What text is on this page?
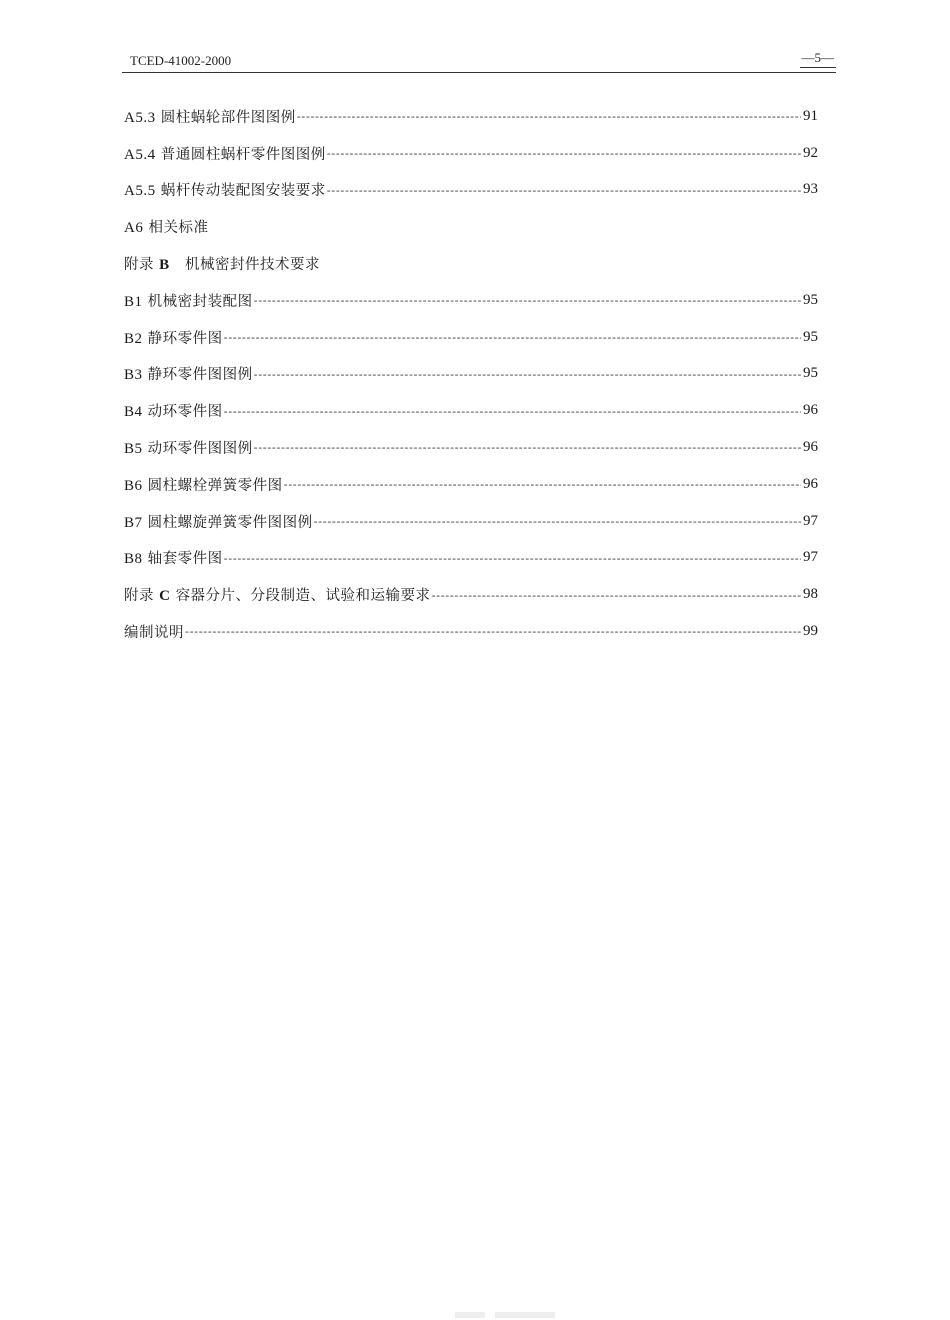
TCED-41002-2000	—5—
A5.3 圆柱蜗轮部件图图例 -----	91
A5.4 普通圆柱蜗杆零件图图例 -----	92
A5.5 蜗杆传动装配图安装要求 -----	93
A6 相关标准
附录 B 机械密封件技术要求
B1 机械密封装配图 -----	95
B2 静环零件图 -----	95
B3 静环零件图图例 -----	95
B4 动环零件图 -----	96
B5 动环零件图图例 -----	96
B6 圆柱螺栓弹簧零件图 -----	96
B7 圆柱螺旋弹簧零件图图例 -----	97
B8 轴套零件图 -----	97
附录 C 容器分片、分段制造、试验和运输要求 -----	98
编制说明 -----	99
